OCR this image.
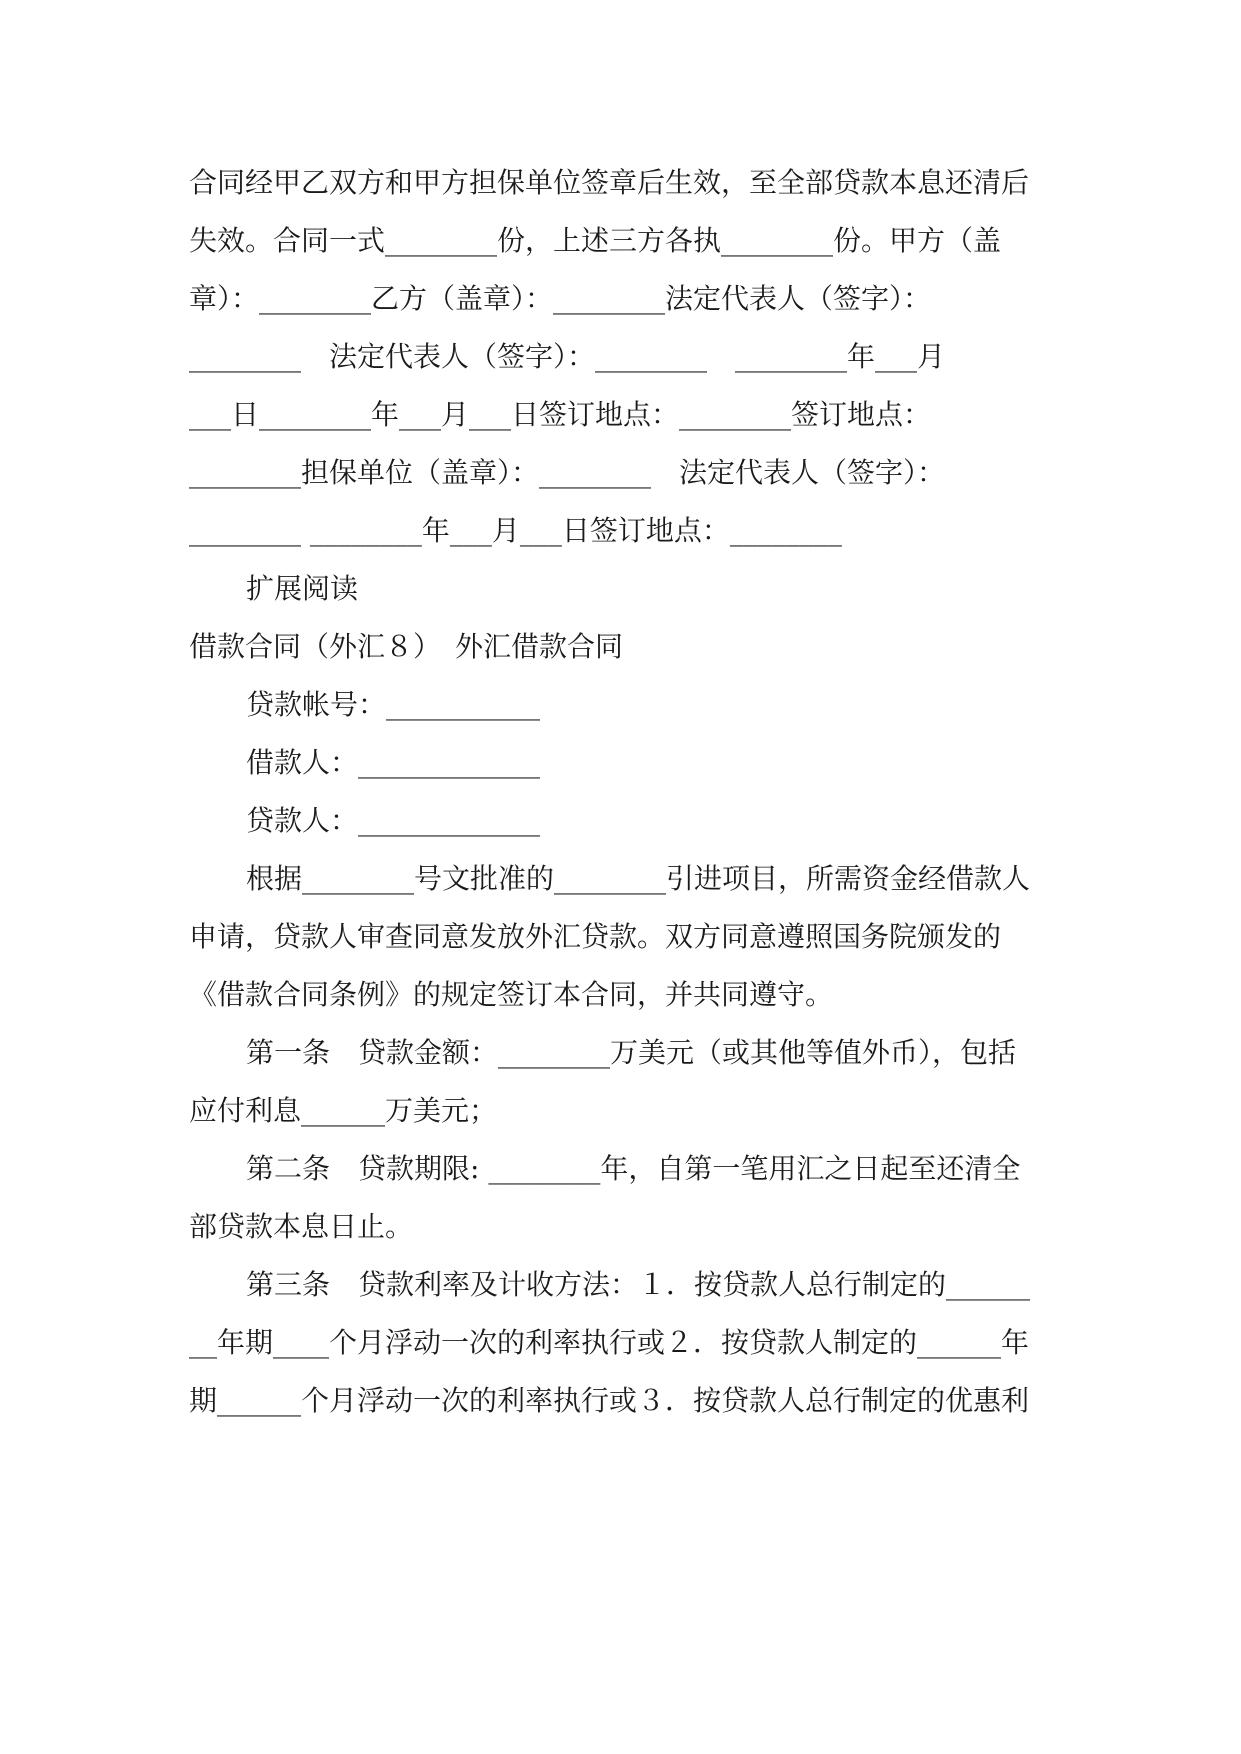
合同经甲乙双方和甲方担保单位签章后生效，至全部贷款本息还清后
失效。合同一式________份，上述三方各执________份。甲方（盖
章）：________乙方（盖章）：________法定代表人（签字）：
________　法定代表人（签字）：________　________年___月
___日________年___月___日签订地点：________签订地点：
________担保单位（盖章）：________　法定代表人（签字）：
________ ________年___月___日签订地点：________
扩展阅读
借款合同（外汇８）　外汇借款合同
贷款帐号：___________
借款人：_____________
贷款人：_____________
根据________号文批准的________引进项目，所需资金经借款人
申请，贷款人审查同意发放外汇贷款。双方同意遵照国务院颁发的
《借款合同条例》的规定签订本合同，并共同遵守。
第一条　贷款金额：________万美元（或其他等值外币），包括
应付利息______万美元；
第二条　贷款期限: ________年，自第一笔用汇之日起至还清全
部贷款本息日止。
第三条　贷款利率及计收方法：１．按贷款人总行制定的______
__年期____个月浮动一次的利率执行或２．按贷款人制定的______年
期______个月浮动一次的利率执行或３．按贷款人总行制定的优惠利
